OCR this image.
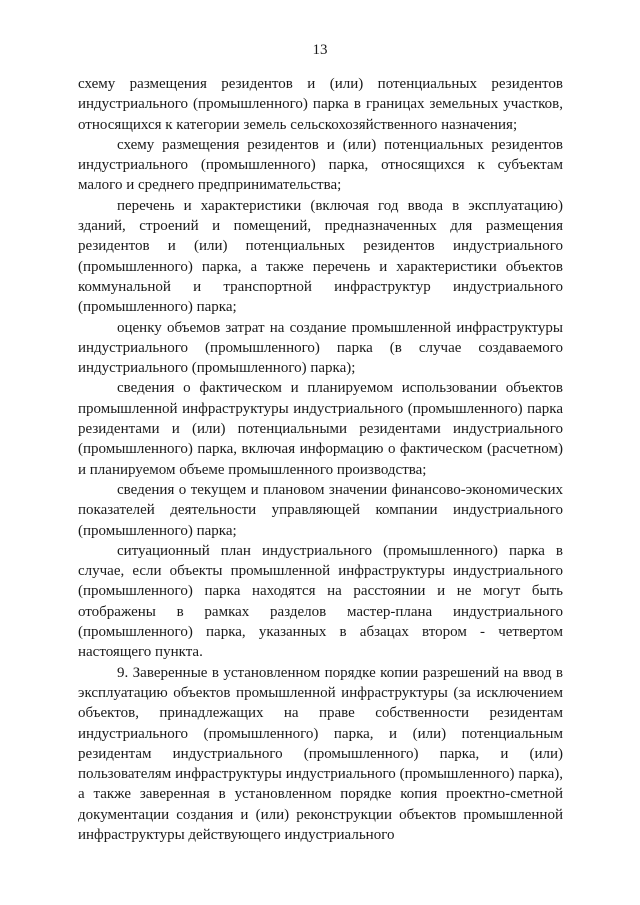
13

схему размещения резидентов и (или) потенциальных резидентов индустриального (промышленного) парка в границах земельных участков, относящихся к категории земель сельскохозяйственного назначения;

схему размещения резидентов и (или) потенциальных резидентов индустриального (промышленного) парка, относящихся к субъектам малого и среднего предпринимательства;

перечень и характеристики (включая год ввода в эксплуатацию) зданий, строений и помещений, предназначенных для размещения резидентов и (или) потенциальных резидентов индустриального (промышленного) парка, а также перечень и характеристики объектов коммунальной и транспортной инфраструктур индустриального (промышленного) парка;

оценку объемов затрат на создание промышленной инфраструктуры индустриального (промышленного) парка (в случае создаваемого индустриального (промышленного) парка);

сведения о фактическом и планируемом использовании объектов промышленной инфраструктуры индустриального (промышленного) парка резидентами и (или) потенциальными резидентами индустриального (промышленного) парка, включая информацию о фактическом (расчетном) и планируемом объеме промышленного производства;

сведения о текущем и плановом значении финансово-экономических показателей деятельности управляющей компании индустриального (промышленного) парка;

ситуационный план индустриального (промышленного) парка в случае, если объекты промышленной инфраструктуры индустриального (промышленного) парка находятся на расстоянии и не могут быть отображены в рамках разделов мастер-плана индустриального (промышленного) парка, указанных в абзацах втором - четвертом настоящего пункта.

9. Заверенные в установленном порядке копии разрешений на ввод в эксплуатацию объектов промышленной инфраструктуры (за исключением объектов, принадлежащих на праве собственности резидентам индустриального (промышленного) парка, и (или) потенциальным резидентам индустриального (промышленного) парка, и (или) пользователям инфраструктуры индустриального (промышленного) парка), а также заверенная в установленном порядке копия проектно-сметной документации создания и (или) реконструкции объектов промышленной инфраструктуры действующего индустриального
